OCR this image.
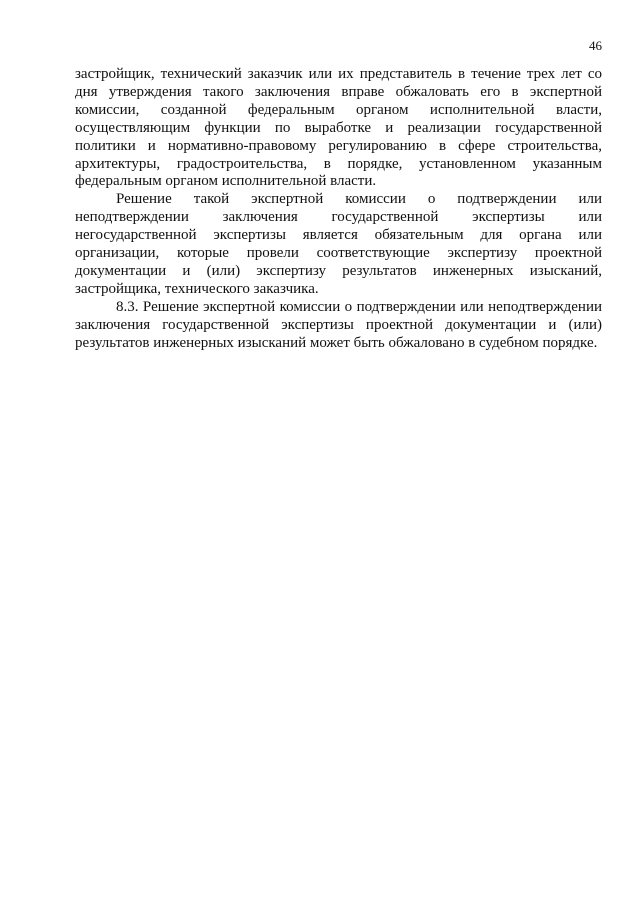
46

застройщик, технический заказчик или их представитель в течение трех лет со дня утверждения такого заключения вправе обжаловать его в экспертной комиссии, созданной федеральным органом исполнительной власти, осуществляющим функции по выработке и реализации государственной политики и нормативно-правовому регулированию в сфере строительства, архитектуры, градостроительства, в порядке, установленном указанным федеральным органом исполнительной власти.

Решение такой экспертной комиссии о подтверждении или неподтверждении заключения государственной экспертизы или негосударственной экспертизы является обязательным для органа или организации, которые провели соответствующие экспертизу проектной документации и (или) экспертизу результатов инженерных изысканий, застройщика, технического заказчика.

8.3. Решение экспертной комиссии о подтверждении или неподтверждении заключения государственной экспертизы проектной документации и (или) результатов инженерных изысканий может быть обжаловано в судебном порядке.
